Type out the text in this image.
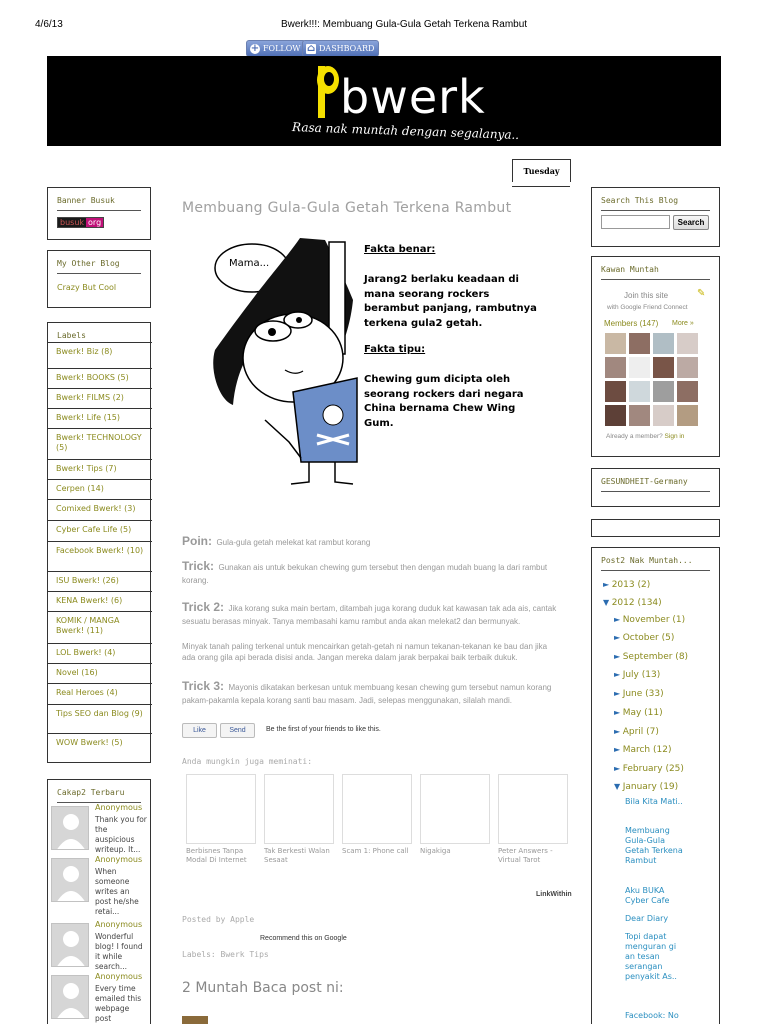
4/6/13	Bwerk!!!: Membuang Gula-Gula Getah Terkena Rambut
+ FOLLOW ⌂ DASHBOARD
bwerk
Rasa nak muntah dengan segalanya..
Tuesday
Banner Busuk
busuk org
My Other Blog
Crazy But Cool
Labels
Bwerk! Biz (8)
Bwerk! BOOKS (5)
Bwerk! FILMS (2)
Bwerk! Life (15)
Bwerk! TECHNOLOGY (5)
Bwerk! Tips (7)
Cerpen (14)
Comixed Bwerk! (3)
Cyber Cafe Life (5)
Facebook Bwerk! (10)
ISU Bwerk! (26)
KENA Bwerk! (6)
KOMIK / MANGA Bwerk! (11)
LOL Bwerk! (4)
Novel (16)
Real Heroes (4)
Tips SEO dan Blog (9)
WOW Bwerk! (5)
Cakap2 Terbaru
Anonymous
Thank you for the auspicious writeup. It...
Anonymous
When someone writes an post he/she retai...
Anonymous
Wonderful blog! I found it while search...
Anonymous
Every time emailed this webpage post
Membuang Gula-Gula Getah Terkena Rambut
Mama...
Fakta benar:
Jarang2 berlaku keadaan di
mana seorang rockers
berambut panjang, rambutnya
terkena gula2 getah.
Fakta tipu:
Chewing gum dicipta oleh
seorang rockers dari negara
China bernama Chew Wing
Gum.
Poin: Gula-gula getah melekat kat rambut korang
Trick: Gunakan ais untuk bekukan chewing gum tersebut then dengan mudah buang la dari rambut korang.
Trick 2: Jika korang suka main bertam, ditambah juga korang duduk kat kawasan tak ada ais, cantak sesuatu berasas minyak. Tanya membasahi kamu rambut anda akan melekat2 dan bermunyak.
Minyak tanah paling terkenal untuk mencairkan getah-getah ni namun tekanan-tekanan ke bau dan jika ada orang gila api berada disisi anda. Jangan mereka dalam jarak berpakai baik terbaik dukuk.
Trick 3: Mayonis dikatakan berkesan untuk membuang kesan chewing gum tersebut namun korang pakam-pakamla kepala korang santi bau masam. Jadi, selepas menggunakan, silalah mandi.
Like	Send	Be the first of your friends to like this.
Anda mungkin juga meminati:
Berbisnes Tanpa Modal Di Internet
Tak Berkesti Walan Sesaat
Scam 1: Phone call	Nigakiga	Peter Answers - Virtual Tarot
LinkWithin
Posted by Apple
Recommend this on Google
Labels: Bwerk Tips
2 Muntah Baca post ni:
Search This Blog
Search
Kawan Muntah
Join this site	✎
with Google Friend Connect
Members (147) More »
Already a member? Sign in
GESUNDHEIT-Germany
Post2 Nak Muntah...
► 2013 (2)
▼ 2012 (134)
► November (1)
► October (5)
► September (8)
► July (13)
► June (33)
► May (11)
► April (7)
► March (12)
► February (25)
▼ January (19)
Bila Kita Mati..
Membuang Gula-Gula Getah Terkena Rambut
Aku BUKA Cyber Cafe
Dear Diary
Topi dapat menguran gi an tesan serangan penyakit As..
Facebook: No
